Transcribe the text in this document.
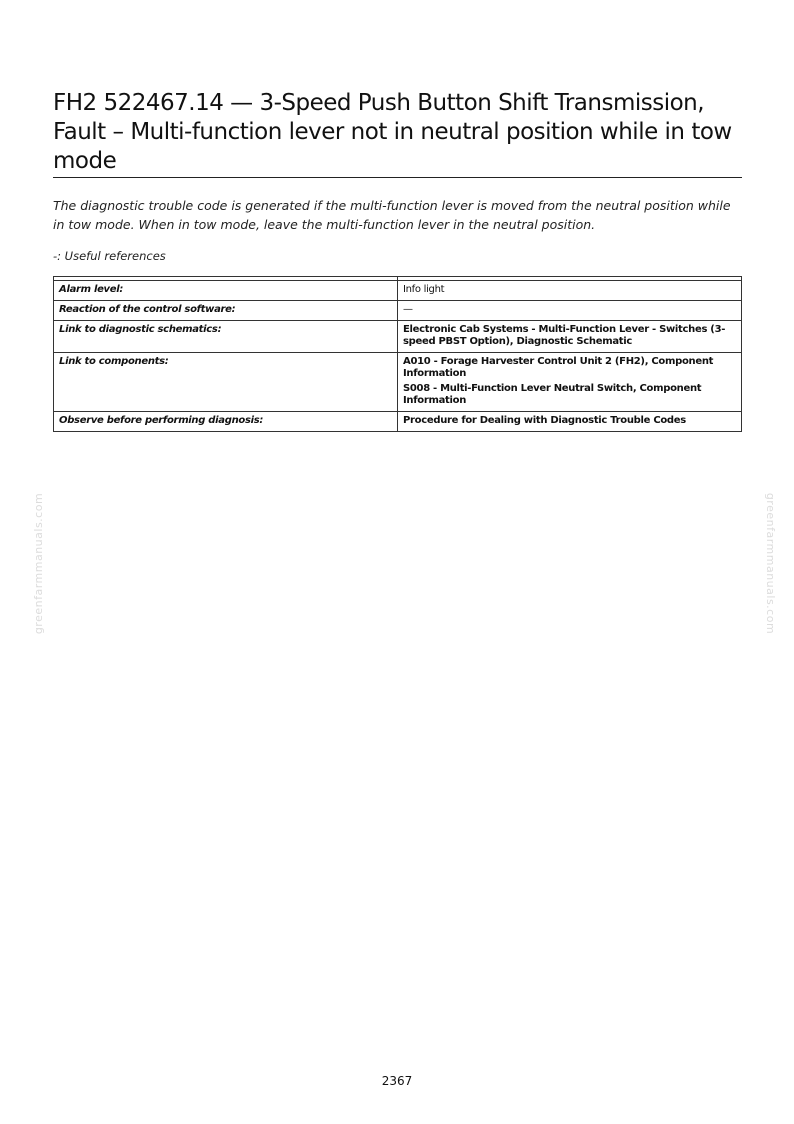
FH2 522467.14 — 3-Speed Push Button Shift Transmission, Fault – Multi-function lever not in neutral position while in tow mode

The diagnostic trouble code is generated if the multi-function lever is moved from the neutral position while in tow mode. When in tow mode, leave the multi-function lever in the neutral position.

-: Useful references

Alarm level:	Info light

Reaction of the control software:	—

Link to diagnostic schematics:	Electronic Cab Systems - Multi-Function Lever - Switches (3-speed PBST Option), Diagnostic Schematic

Link to components:	A010 - Forage Harvester Control Unit 2 (FH2), Component Information
S008 - Multi-Function Lever Neutral Switch, Component Information

Observe before performing diagnosis:	Procedure for Dealing with Diagnostic Trouble Codes
greenfarmmanuals.com	greenfarmmanuals.com
2367
